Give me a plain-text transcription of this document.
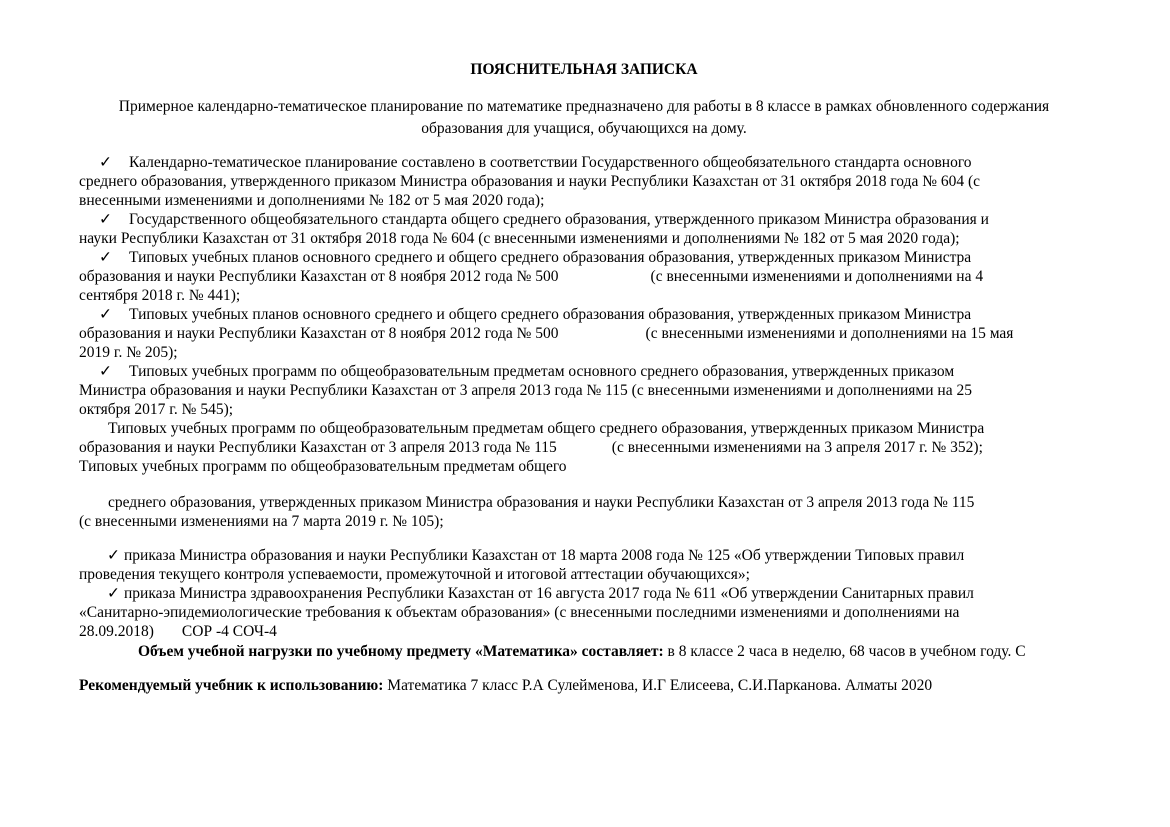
ПОЯСНИТЕЛЬНАЯ ЗАПИСКА
Примерное календарно-тематическое планирование по математике предназначено для работы в 8 классе в рамках обновленного содержания образования для учащися, обучающихся на дому.

✓ Календарно-тематическое планирование составлено в соответствии Государственного общеобязательного стандарта основного
среднего образования, утвержденного приказом Министра образования и науки Республики Казахстан от 31 октября 2018 года № 604 (с
внесенными изменениями и дополнениями № 182 от 5 мая 2020 года);

✓ Государственного общеобязательного стандарта общего среднего образования, утвержденного приказом Министра образования и
науки Республики Казахстан от 31 октября 2018 года № 604 (с внесенными изменениями и дополнениями № 182 от 5 мая 2020 года);

✓ Типовых учебных планов основного среднего и общего среднего образования образования, утвержденных приказом Министра
образования и науки Республики Казахстан от 8 ноября 2012 года № 500	(с внесенными изменениями и дополнениями на 4
сентября 2018 г. № 441);

✓ Типовых учебных планов основного среднего и общего среднего образования образования, утвержденных приказом Министра
образования и науки Республики Казахстан от 8 ноября 2012 года № 500	(с внесенными изменениями и дополнениями на 15 мая
2019 г. № 205);

✓ Типовых учебных программ по общеобразовательным предметам основного среднего образования, утвержденных приказом
Министра образования и науки Республики Казахстан от 3 апреля 2013 года № 115 (с внесенными изменениями и дополнениями на 25
октября 2017 г. № 545);

Типовых учебных программ по общеобразовательным предметам общего среднего образования, утвержденных приказом Министра
образования и науки Республики Казахстан от 3 апреля 2013 года № 115	(с внесенными изменениями на 3 апреля 2017 г. № 352);
Типовых учебных программ по общеобразовательным предметам общего

среднего образования, утвержденных приказом Министра образования и науки Республики Казахстан от 3 апреля 2013 года № 115
(с внесенными изменениями на 7 марта 2019 г. № 105);

✓ приказа Министра образования и науки Республики Казахстан от 18 марта 2008 года № 125 «Об утверждении Типовых правил
проведения текущего контроля успеваемости, промежуточной и итоговой аттестации обучающихся»;

✓ приказа Министра здравоохранения Республики Казахстан от 16 августа 2017 года № 611 «Об утверждении Санитарных правил
«Санитарно-эпидемиологические требования к объектам образования» (с внесенными последними изменениями и дополнениями на
28.09.2018) СОР -4 СОЧ-4

Объем учебной нагрузки по учебному предмету «Математика» составляет: в 8 классе 2 часа в неделю, 68 часов в учебном году. С
Рекомендуемый учебник к использованию: Математика 7 класс Р.А Сулейменова, И.Г Елисеева, С.И.Парканова. Алматы 2020
